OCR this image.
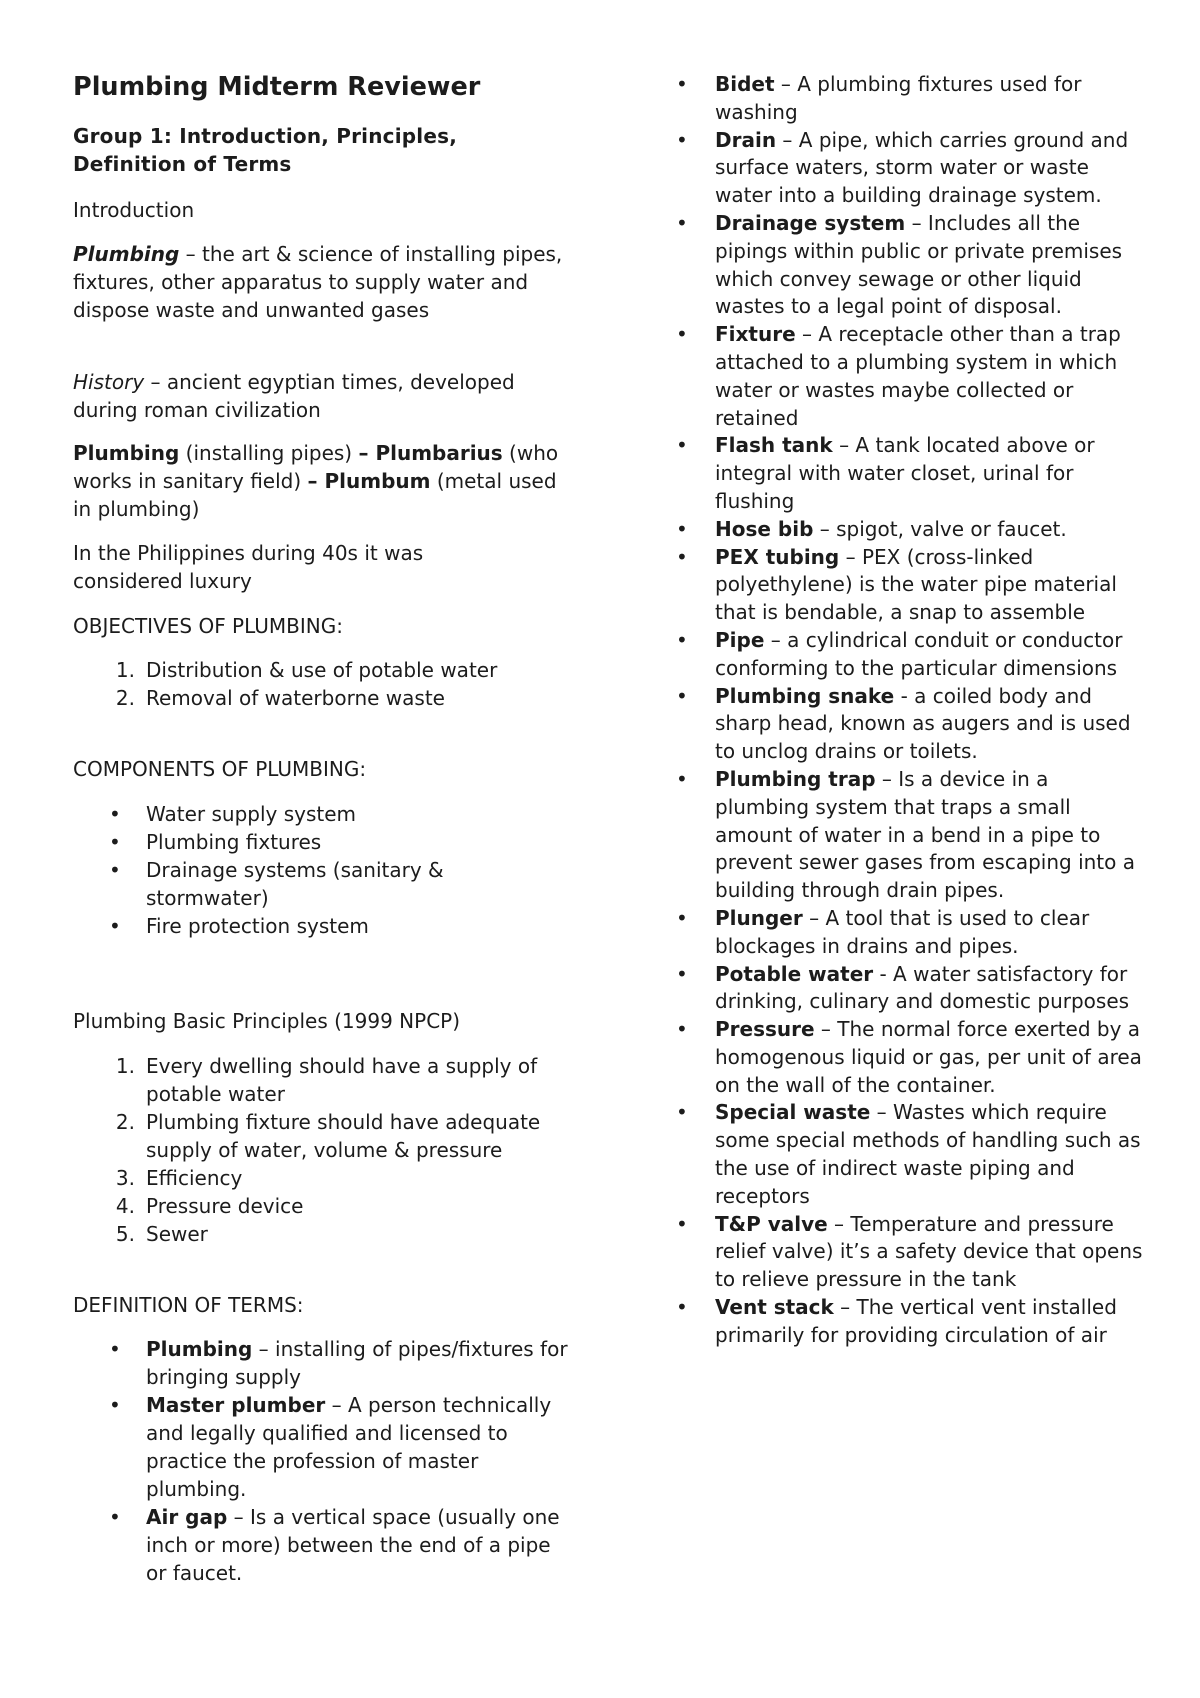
Plumbing Midterm Reviewer
Group 1: Introduction, Principles, Definition of Terms

Introduction

Plumbing – the art & science of installing pipes, fixtures, other apparatus to supply water and dispose waste and unwanted gases

History – ancient egyptian times, developed during roman civilization

Plumbing (installing pipes) – Plumbarius (who works in sanitary field) – Plumbum (metal used in plumbing)

In the Philippines during 40s it was considered luxury

OBJECTIVES OF PLUMBING:

1. Distribution & use of potable water
2. Removal of waterborne waste

COMPONENTS OF PLUMBING:

• Water supply system
• Plumbing fixtures
• Drainage systems (sanitary & stormwater)
• Fire protection system

Plumbing Basic Principles (1999 NPCP)

1. Every dwelling should have a supply of potable water
2. Plumbing fixture should have adequate supply of water, volume & pressure
3. Efficiency
4. Pressure device
5. Sewer

DEFINITION OF TERMS:

• Plumbing – installing of pipes/fixtures for bringing supply
• Master plumber – A person technically and legally qualified and licensed to practice the profession of master plumbing.
• Air gap – Is a vertical space (usually one inch or more) between the end of a pipe or faucet.
• Bidet – A plumbing fixtures used for washing
• Drain – A pipe, which carries ground and surface waters, storm water or waste water into a building drainage system.
• Drainage system – Includes all the pipings within public or private premises which convey sewage or other liquid wastes to a legal point of disposal.
• Fixture – A receptacle other than a trap attached to a plumbing system in which water or wastes maybe collected or retained
• Flash tank – A tank located above or integral with water closet, urinal for flushing
• Hose bib – spigot, valve or faucet.
• PEX tubing – PEX (cross-linked polyethylene) is the water pipe material that is bendable, a snap to assemble
• Pipe – a cylindrical conduit or conductor conforming to the particular dimensions
• Plumbing snake - a coiled body and sharp head, known as augers and is used to unclog drains or toilets.
• Plumbing trap – Is a device in a plumbing system that traps a small amount of water in a bend in a pipe to prevent sewer gases from escaping into a building through drain pipes.
• Plunger – A tool that is used to clear blockages in drains and pipes.
• Potable water - A water satisfactory for drinking, culinary and domestic purposes
• Pressure – The normal force exerted by a homogenous liquid or gas, per unit of area on the wall of the container.
• Special waste – Wastes which require some special methods of handling such as the use of indirect waste piping and receptors
• T&P valve – Temperature and pressure relief valve) it’s a safety device that opens to relieve pressure in the tank
• Vent stack – The vertical vent installed primarily for providing circulation of air
